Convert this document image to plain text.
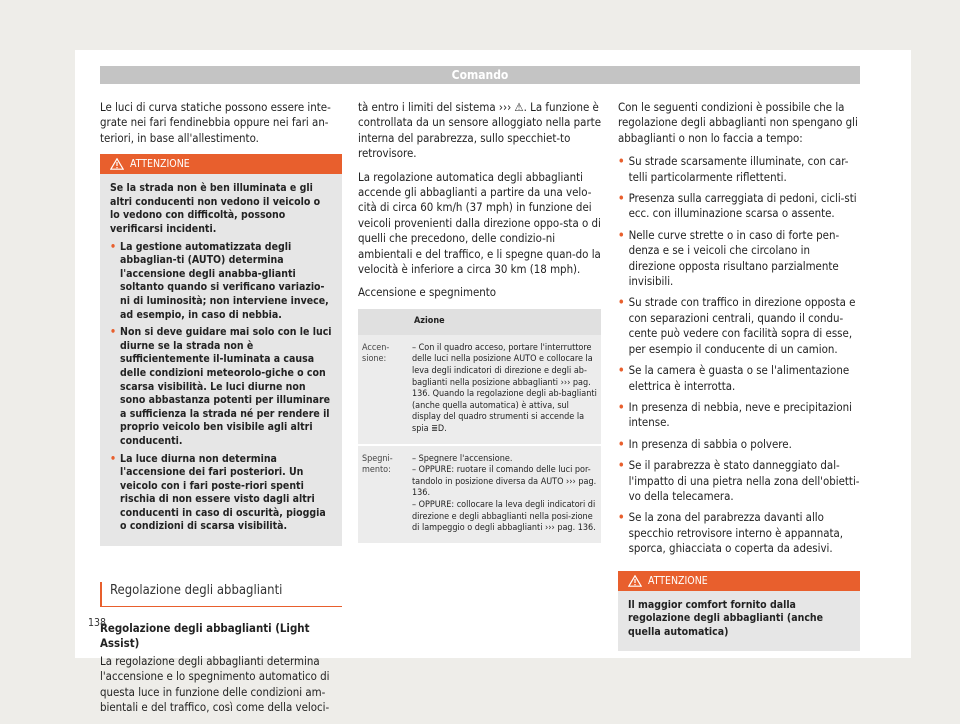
Comando

Le luci di curva statiche possono essere inte-grate nei fari fendinebbia oppure nei fari an-teriori, in base all'allestimento.

ATTENZIONE

Se la strada non è ben illuminata e gli altri conducenti non vedono il veicolo o lo vedono con difficoltà, possono verificarsi incidenti.

• La gestione automatizzata degli abbaglian-ti (AUTO) determina l'accensione degli anabba-glianti soltanto quando si verificano variazio-ni di luminosità; non interviene invece, ad esempio, in caso di nebbia.
• Non si deve guidare mai solo con le luci diurne se la strada non è sufficientemente il-luminata a causa delle condizioni meteorolo-giche o con scarsa visibilità. Le luci diurne non sono abbastanza potenti per illuminare a sufficienza la strada né per rendere il proprio veicolo ben visibile agli altri conducenti.
• La luce diurna non determina l'accensione dei fari posteriori. Un veicolo con i fari poste-riori spenti rischia di non essere visto dagli altri conducenti in caso di oscurità, pioggia o condizioni di scarsa visibilità.
Regolazione degli abbaglianti
Regolazione degli abbaglianti (Light Assist)

La regolazione degli abbaglianti determina l'accensione e lo spegnimento automatico di questa luce in funzione delle condizioni am-bientali e del traffico, così come della veloci-

tà entro i limiti del sistema ››› ⚠. La funzione è controllata da un sensore alloggiato nella parte interna del parabrezza, sullo specchiet-to retrovisore.

La regolazione automatica degli abbaglianti accende gli abbaglianti a partire da una velo-cità di circa 60 km/h (37 mph) in funzione dei veicoli provenienti dalla direzione oppo-sta o di quelli che precedono, delle condizio-ni ambientali e del traffico, e li spegne quan-do la velocità è inferiore a circa 30 km (18 mph).

Accensione e spegnimento
	Azione
Accen-sione:	– Con il quadro acceso, portare l'interruttore delle luci nella posizione AUTO e collocare la leva degli indicatori di direzione e degli ab-baglianti nella posizione abbaglianti ››› pag. 136. Quando la regolazione degli ab-baglianti (anche quella automatica) è attiva, sul display del quadro strumenti si accende la spia ≣D.
Spegni-mento:	– Spegnere l'accensione.
– OPPURE: ruotare il comando delle luci por-tandolo in posizione diversa da AUTO ››› pag. 136.
– OPPURE: collocare la leva degli indicatori di direzione e degli abbaglianti nella posi-zione di lampeggio o degli abbaglianti ››› pag. 136.

Con le seguenti condizioni è possibile che la regolazione degli abbaglianti non spengano gli abbaglianti o non lo faccia a tempo:

• Su strade scarsamente illuminate, con car-telli particolarmente riflettenti.
• Presenza sulla carreggiata di pedoni, cicli-sti ecc. con illuminazione scarsa o assente.
• Nelle curve strette o in caso di forte pen-denza e se i veicoli che circolano in direzione opposta risultano parzialmente invisibili.
• Su strade con traffico in direzione opposta e con separazioni centrali, quando il condu-cente può vedere con facilità sopra di esse, per esempio il conducente di un camion.
• Se la camera è guasta o se l'alimentazione elettrica è interrotta.
• In presenza di nebbia, neve e precipitazioni intense.
• In presenza di sabbia o polvere.
• Se il parabrezza è stato danneggiato dal-l'impatto di una pietra nella zona dell'obietti-vo della telecamera.
• Se la zona del parabrezza davanti allo specchio retrovisore interno è appannata, sporca, ghiacciata o coperta da adesivi.
ATTENZIONE

Il maggior comfort fornito dalla regolazione degli abbaglianti (anche quella automatica)

138
